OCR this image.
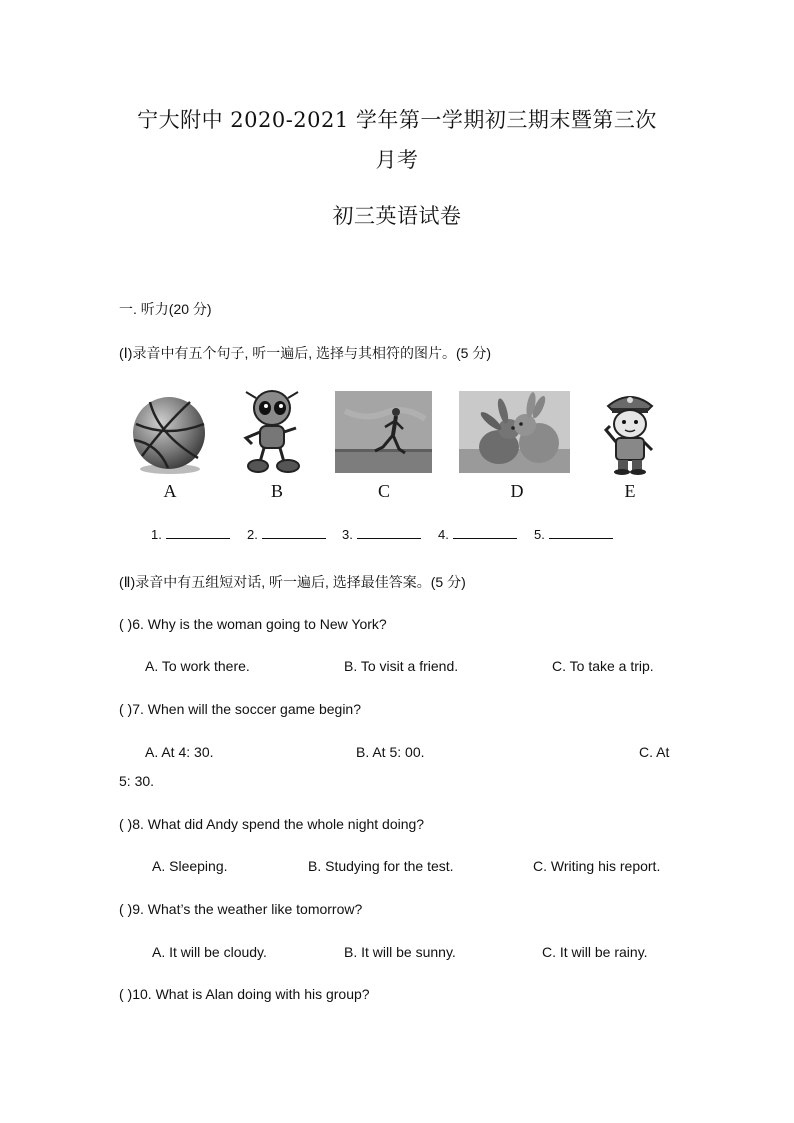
宁大附中 2020-2021 学年第一学期初三期末暨第三次
月考
初三英语试卷
一. 听力(20 分)
(Ⅰ)录音中有五个句子, 听一遍后, 选择与其相符的图片。(5 分)
A	B	C	D	E
1.	2.	3.	4.	5.
(Ⅱ)录音中有五组短对话, 听一遍后, 选择最佳答案。(5 分)
( )6. Why is the woman going to New York?
A. To work there.	B. To visit a friend.	C. To take a trip.
( )7. When will the soccer game begin?
A. At 4: 30.	B. At 5: 00.	C. At
5: 30.
( )8. What did Andy spend the whole night doing?
A. Sleeping.	B. Studying for the test.	C. Writing his report.
( )9. What’s the weather like tomorrow?
A. It will be cloudy.	B. It will be sunny.	C. It will be rainy.
( )10. What is Alan doing with his group?
